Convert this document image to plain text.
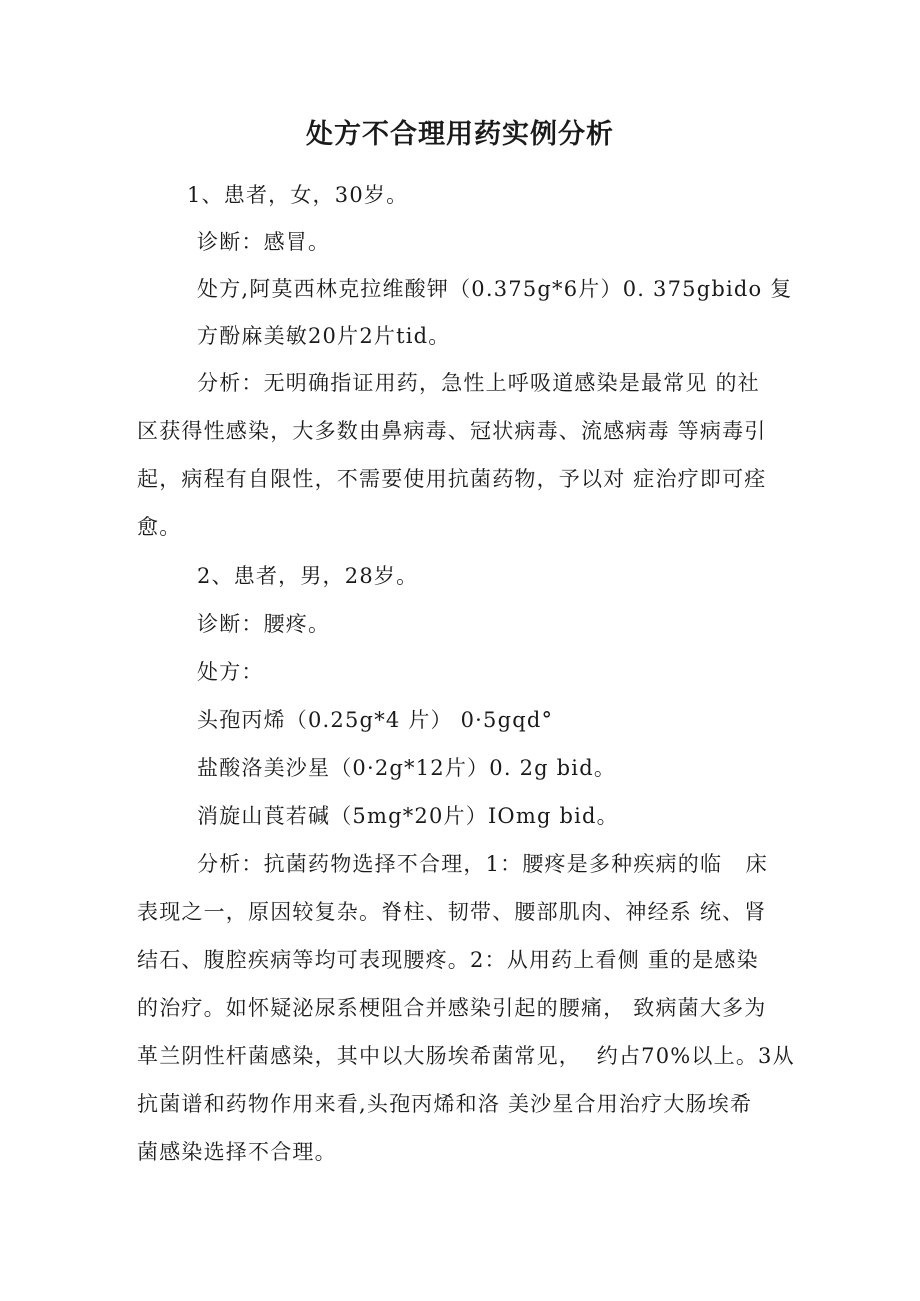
处方不合理用药实例分析
1、患者，女，30岁。
诊断：感冒。
处方,阿莫西林克拉维酸钾（0.375g*6片）0. 375gbido 复
方酚麻美敏20片2片tid。
分析：无明确指证用药，急性上呼吸道感染是最常见 的社
区获得性感染，大多数由鼻病毒、冠状病毒、流感病毒 等病毒引
起，病程有自限性，不需要使用抗菌药物，予以对 症治疗即可痊
愈。
2、患者，男，28岁。
诊断：腰疼。
处方：
头孢丙烯（0.25g*4 片） 0·5gqd°
盐酸洛美沙星（0·2g*12片）0. 2g bid。
消旋山莨若碱（5mg*20片）IOmg bid。
分析：抗菌药物选择不合理，1：腰疼是多种疾病的临   床
表现之一，原因较复杂。脊柱、韧带、腰部肌肉、神经系 统、肾
结石、腹腔疾病等均可表现腰疼。2：从用药上看侧 重的是感染
的治疗。如怀疑泌尿系梗阻合并感染引起的腰痛， 致病菌大多为
革兰阴性杆菌感染，其中以大肠埃希菌常见，  约占70%以上。3从
抗菌谱和药物作用来看,头孢丙烯和洛 美沙星合用治疗大肠埃希
菌感染选择不合理。
